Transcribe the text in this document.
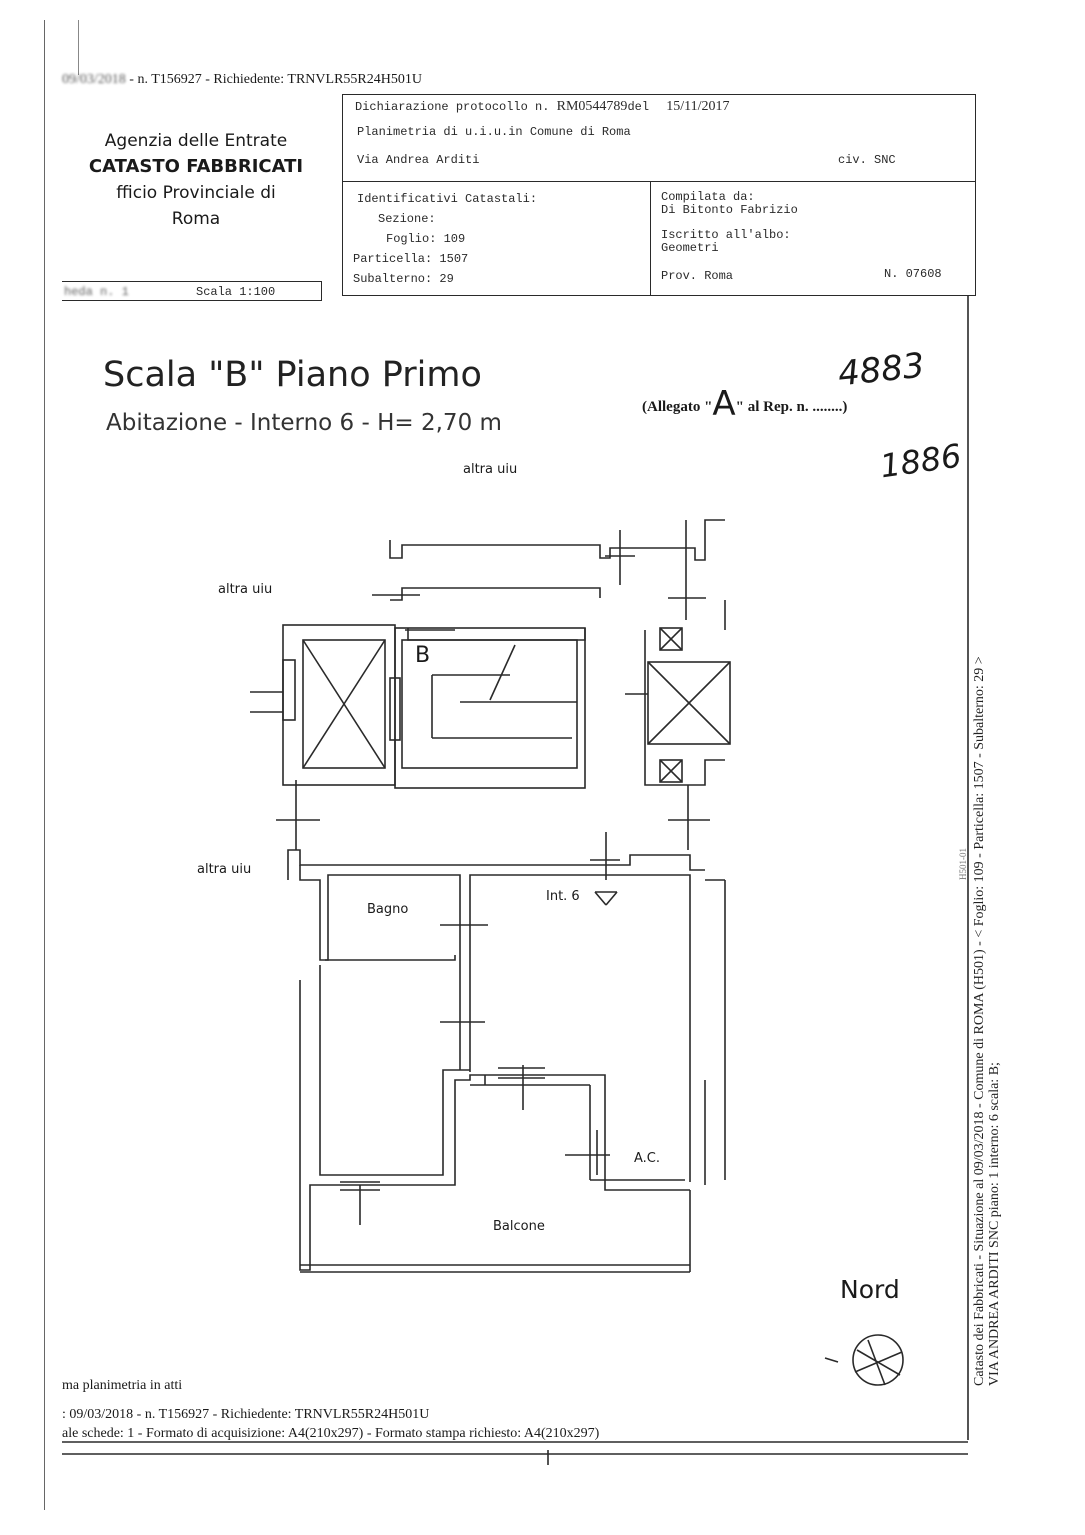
09/03/2018 - n. T156927 - Richiedente: TRNVLR55R24H501U
Agenzia delle Entrate
CATASTO FABBRICATI
fficio Provinciale di
Roma
Dichiarazione protocollo n. RM0544789del 15/11/2017
Planimetria di u.i.u.in Comune di Roma
Via Andrea Arditi	civ. SNC
Identificativi Catastali:
Sezione:
Foglio: 109
Particella: 1507
Subalterno: 29
Compilata da:
Di Bitonto Fabrizio
Iscritto all'albo:
Geometri
Prov. Roma	N. 07608
heda n. 1	Scala 1:100
Scala "B" Piano Primo
Abitazione - Interno 6 - H= 2,70 m
(Allegato "A" al Rep. n. ........)
4883
1886
altra uiu
altra uiu
altra uiu
B
Bagno
Int. 6
A.C.
Balcone
Nord	Catasto dei Fabbricati - Situazione al 09/03/2018 - Comune di ROMA (H501) - < Foglio: 109 - Particella: 1507 - Subalterno: 29 > VIA ANDREA ARDITI SNC piano: 1 interno: 6 scala: B;
H501-01
ma planimetria in atti
: 09/03/2018 - n. T156927 - Richiedente: TRNVLR55R24H501U
ale schede: 1 - Formato di acquisizione: A4(210x297) - Formato stampa richiesto: A4(210x297)
